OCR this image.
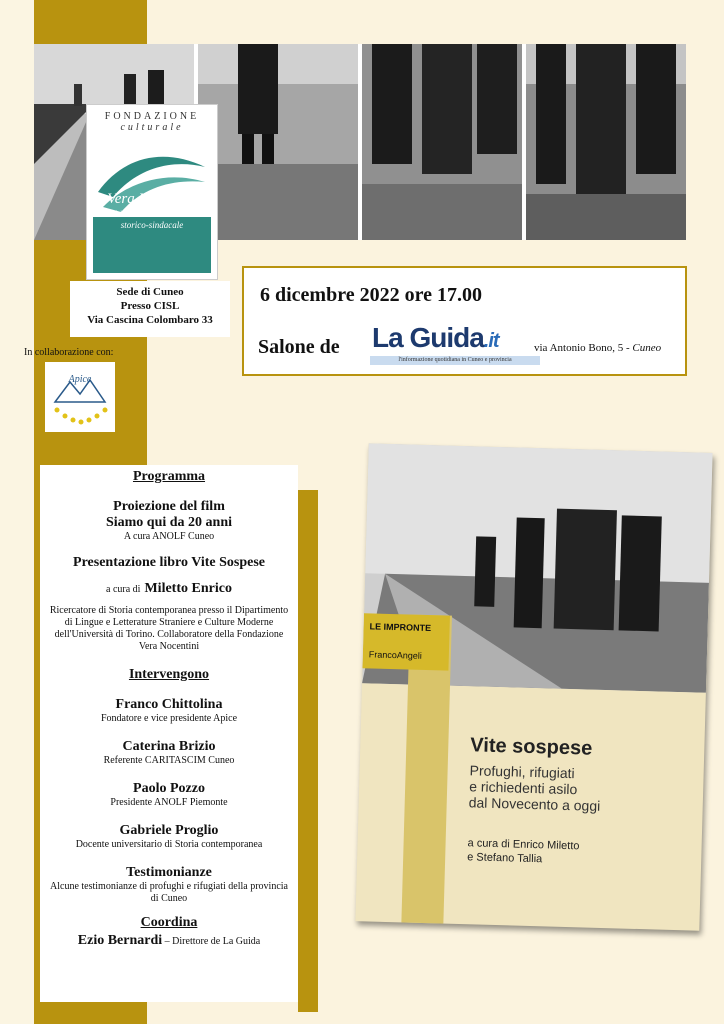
FONDAZIONE
culturale
Vera Nocentini
biblioteca e archivio
storico-sindacale
Sede di Cuneo
Presso CISL
Via Cascina Colombaro 33
In collaborazione con:
Apice
6 dicembre 2022 ore 17.00
Salone de La Guida.it
l'informazione quotidiana in Cuneo e provincia
via Antonio Bono, 5 - Cuneo
Programma
Proiezione del film
Siamo qui da 20 anni
A cura ANOLF Cuneo
Presentazione libro Vite Sospese
a cura di Miletto Enrico
Ricercatore di Storia contemporanea presso il Dipartimento di Lingue e Letterature Straniere e Culture Moderne dell'Università di Torino. Collaboratore della Fondazione Vera Nocentini
Intervengono
Franco Chittolina
Fondatore e vice presidente Apice
Caterina Brizio
Referente CARITASCIM Cuneo
Paolo Pozzo
Presidente ANOLF Piemonte
Gabriele Proglio
Docente universitario di Storia contemporanea
Testimonianze
Alcune testimonianze di profughi e rifugiati della provincia di Cuneo
Coordina
Ezio Bernardi – Direttore de La Guida
LE IMPRONTE
FrancoAngeli
Vite sospese
Profughi, rifugiati
e richiedenti asilo
dal Novecento a oggi
a cura di Enrico Miletto
e Stefano Tallia
